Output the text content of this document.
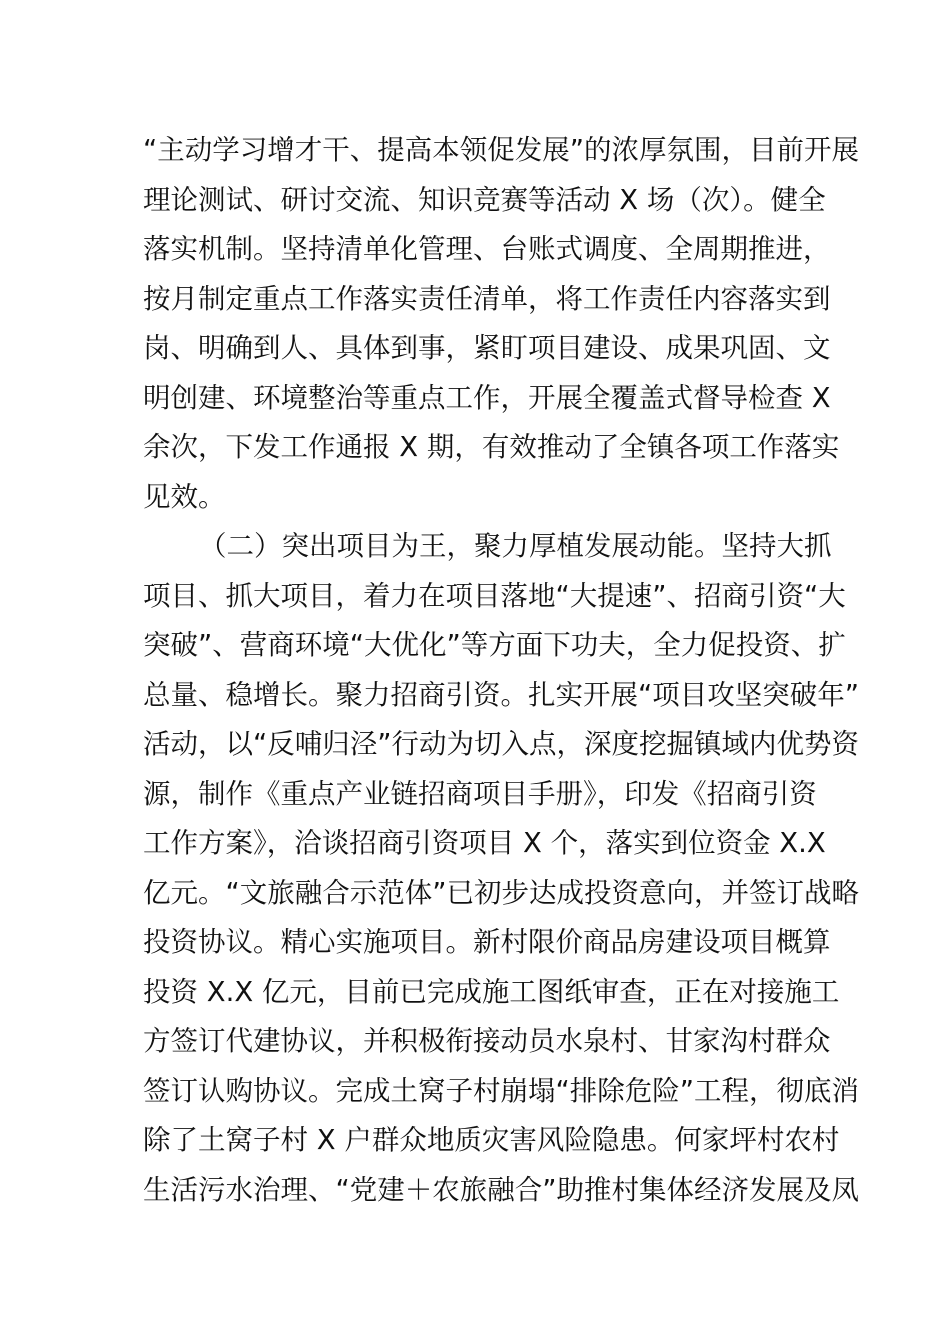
“主动学习增才干、提高本领促发展”的浓厚氛围，目前开展
理论测试、研讨交流、知识竞赛等活动 X 场（次）。健全
落实机制。坚持清单化管理、台账式调度、全周期推进，
按月制定重点工作落实责任清单，将工作责任内容落实到
岗、明确到人、具体到事，紧盯项目建设、成果巩固、文
明创建、环境整治等重点工作，开展全覆盖式督导检查 X
余次，下发工作通报 X 期，有效推动了全镇各项工作落实
见效。
（二）突出项目为王，聚力厚植发展动能。坚持大抓
项目、抓大项目，着力在项目落地“大提速”、招商引资“大
突破”、营商环境“大优化”等方面下功夫，全力促投资、扩
总量、稳增长。聚力招商引资。扎实开展“项目攻坚突破年”
活动，以“反哺归泾”行动为切入点，深度挖掘镇域内优势资
源，制作《重点产业链招商项目手册》，印发《招商引资
工作方案》，洽谈招商引资项目 X 个，落实到位资金 X.X
亿元。“文旅融合示范体”已初步达成投资意向，并签订战略
投资协议。精心实施项目。新村限价商品房建设项目概算
投资 X.X 亿元，目前已完成施工图纸审查，正在对接施工
方签订代建协议，并积极衔接动员水泉村、甘家沟村群众
签订认购协议。完成土窝子村崩塌“排除危险”工程，彻底消
除了土窝子村 X 户群众地质灾害风险隐患。何家坪村农村
生活污水治理、“党建＋农旅融合”助推村集体经济发展及凤
